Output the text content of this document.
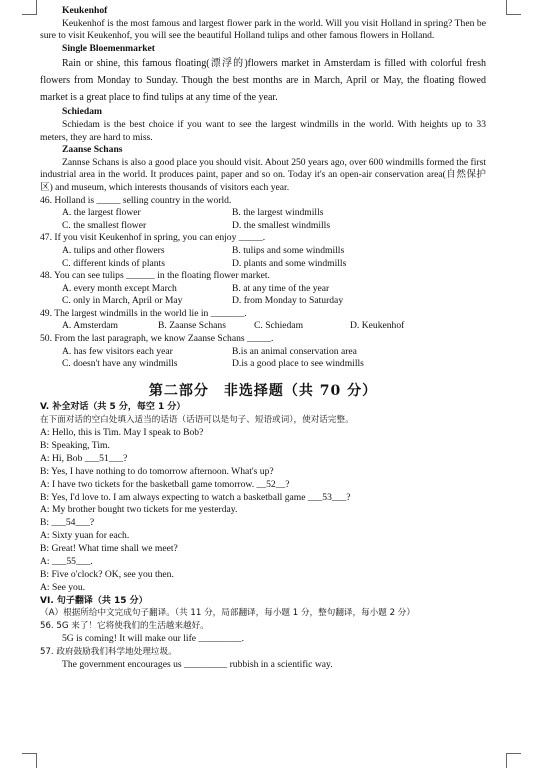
Keukenhof
Keukenhof is the most famous and largest flower park in the world. Will you visit Holland in spring? Then be sure to visit Keukenhof, you will see the beautiful Holland tulips and other famous flowers in Holland.
Single Bloemenmarket
Rain or shine, this famous floating(漂浮的)flowers market in Amsterdam is filled with colorful fresh flowers from Monday to Sunday. Though the best months are in March, April or May, the floating flowed market is a great place to find tulips at any time of the year.
Schiedam
Schiedam is the best choice if you want to see the largest windmills in the world. With heights up to 33 meters, they are hard to miss.
Zaanse Schans
Zannse Schans is also a good place you should visit. About 250 years ago, over 600 windmills formed the first industrial area in the world. It produces paint, paper and so on. Today it's an open-air conservation area(自然保护区) and museum, which interests thousands of visitors each year.
46. Holland is _____ selling country in the world.
A. the largest flower	B. the largest windmills
C. the smallest flower	D. the smallest windmills
47. If you visit Keukenhof in spring, you can enjoy _____.
A. tulips and other flowers	B. tulips and some windmills
C. different kinds of plants	D. plants and some windmills
48. You can see tulips ______ in the floating flower market.
A. every month except March	B. at any time of the year
C. only in March, April or May	D. from Monday to Saturday
49. The largest windmills in the world lie in _______.
A. Amsterdam	B. Zaanse Schans	C. Schiedam	D. Keukenhof
50. From the last paragraph, we know Zaanse Schans _____.
A. has few visitors each year	B.is an animal conservation area
C. doesn't have any windmills	D.is a good place to see windmills
第二部分　非选择题（共 70 分）
V. 补全对话（共 5 分，每空 1 分）
在下面对话的空白处填入适当的话语（话语可以是句子、短语或词），使对话完整。
A: Hello, this is Tim. May I speak to Bob?
B: Speaking, Tim.
A: Hi, Bob ___51___?
B: Yes, I have nothing to do tomorrow afternoon. What's up?
A: I have two tickets for the basketball game tomorrow. __52__?
B: Yes, I'd love to. I am always expecting to watch a basketball game ___53___?
A: My brother bought two tickets for me yesterday.
B: ___54___?
A: Sixty yuan for each.
B: Great! What time shall we meet?
A: ___55___.
B: Five o'clock? OK, see you then.
A: See you.
VI. 句子翻译（共 15 分）
（A）根据所给中文完成句子翻译。（共 11 分，局部翻译，每小题 1 分，整句翻译，每小题 2 分）
56. 5G 来了！它将使我们的生活越来越好。
5G is coming! It will make our life _________.
57. 政府鼓励我们科学地处理垃圾。
The government encourages us _________ rubbish in a scientific way.
